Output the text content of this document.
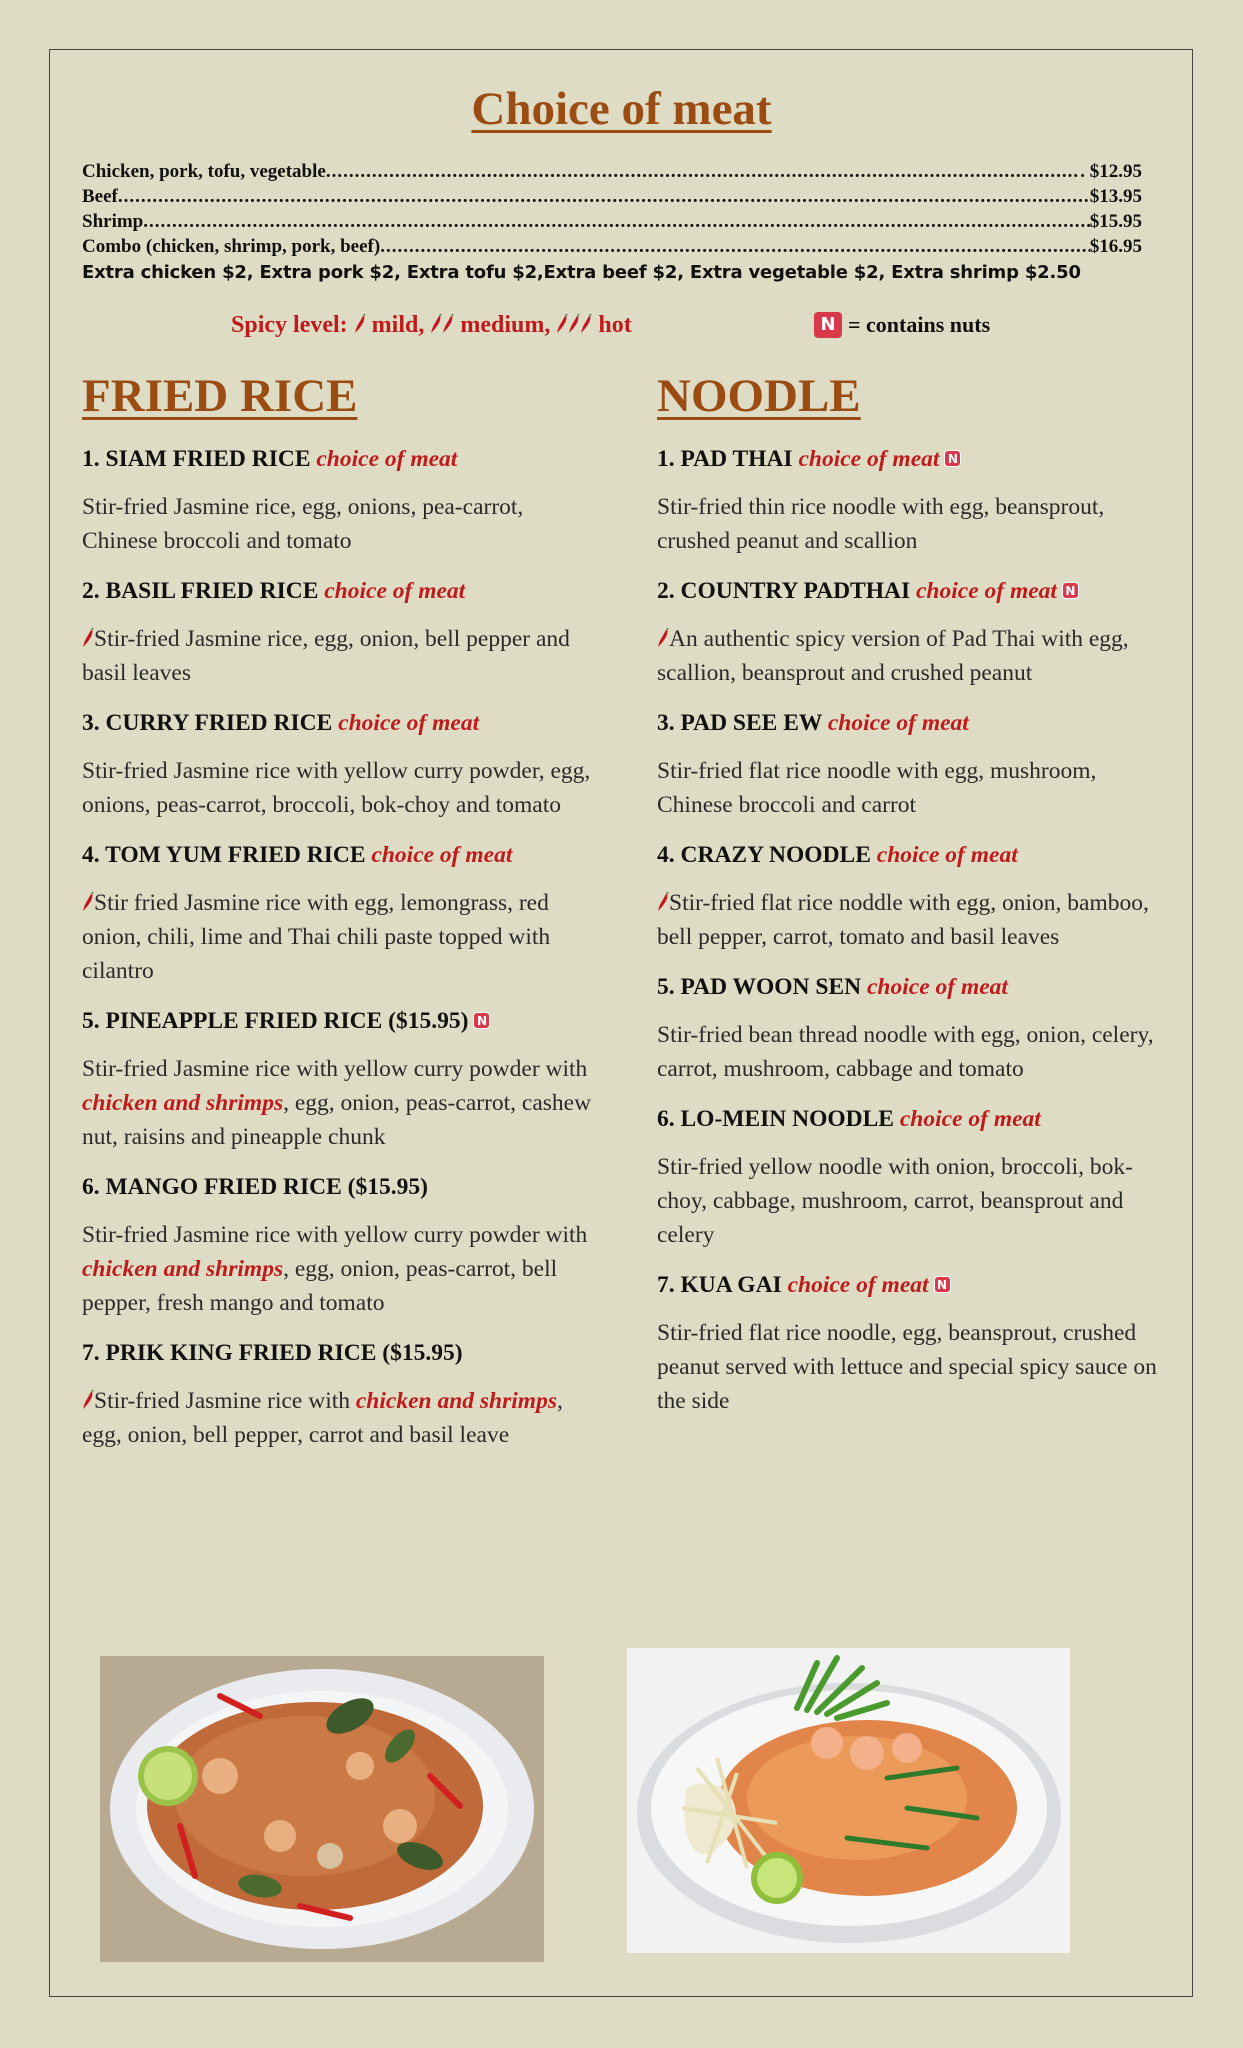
Choice of meat
Chicken, pork, tofu, vegetable .....	. $12.95
Beef .....	$13.95
Shrimp .....	$15.95
Combo (chicken, shrimp, pork, beef) .....	$16.95
Extra chicken $2, Extra pork $2, Extra tofu $2,Extra beef $2, Extra vegetable $2, Extra shrimp $2.50
Spicy level: mild, medium, hot	N = contains nuts
FRIED RICE
1. SIAM FRIED RICE choice of meat
Stir-fried Jasmine rice, egg, onions, pea-carrot, Chinese broccoli and tomato
2. BASIL FRIED RICE choice of meat
Stir-fried Jasmine rice, egg, onion, bell pepper and basil leaves
3. CURRY FRIED RICE choice of meat
Stir-fried Jasmine rice with yellow curry powder, egg, onions, peas-carrot, broccoli, bok-choy and tomato
4. TOM YUM FRIED RICE choice of meat
Stir fried Jasmine rice with egg, lemongrass, red onion, chili, lime and Thai chili paste topped with cilantro
5. PINEAPPLE FRIED RICE ($15.95) N
Stir-fried Jasmine rice with yellow curry powder with chicken and shrimps, egg, onion, peas-carrot, cashew nut, raisins and pineapple chunk
6. MANGO FRIED RICE ($15.95)
Stir-fried Jasmine rice with yellow curry powder with chicken and shrimps, egg, onion, peas-carrot, bell pepper, fresh mango and tomato
7. PRIK KING FRIED RICE ($15.95)
Stir-fried Jasmine rice with chicken and shrimps, egg, onion, bell pepper, carrot and basil leave
NOODLE
1. PAD THAI choice of meat N
Stir-fried thin rice noodle with egg, beansprout, crushed peanut and scallion
2. COUNTRY PADTHAI choice of meat N
An authentic spicy version of Pad Thai with egg, scallion, beansprout and crushed peanut
3. PAD SEE EW choice of meat
Stir-fried flat rice noodle with egg, mushroom, Chinese broccoli and carrot
4. CRAZY NOODLE choice of meat
Stir-fried flat rice noddle with egg, onion, bamboo, bell pepper, carrot, tomato and basil leaves
5. PAD WOON SEN choice of meat
Stir-fried bean thread noodle with egg, onion, celery, carrot, mushroom, cabbage and tomato
6. LO-MEIN NOODLE choice of meat
Stir-fried yellow noodle with onion, broccoli, bok-choy, cabbage, mushroom, carrot, beansprout and celery
7. KUA GAI choice of meat N
Stir-fried flat rice noodle, egg, beansprout, crushed peanut served with lettuce and special spicy sauce on the side
